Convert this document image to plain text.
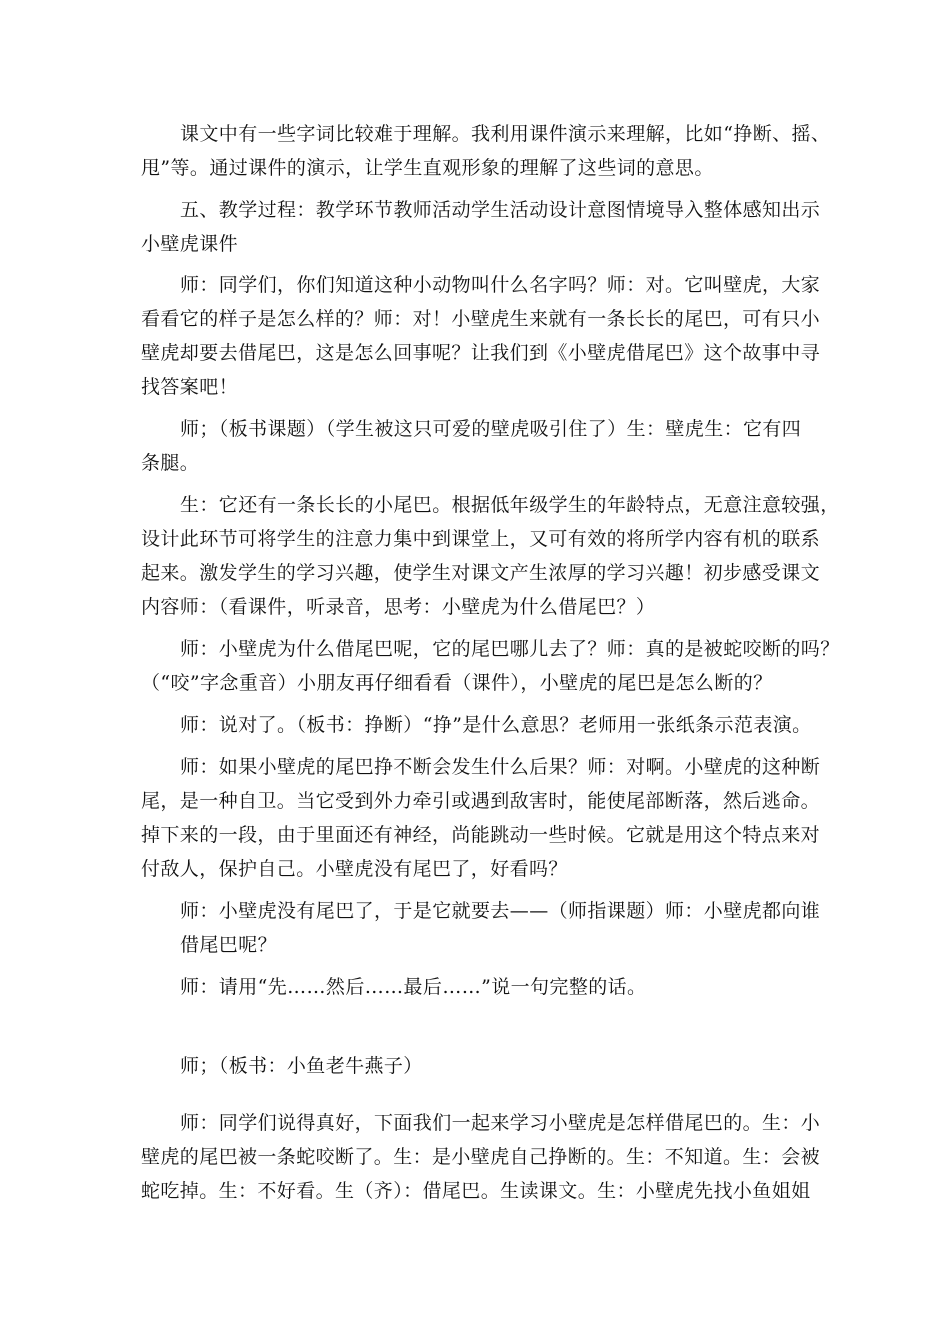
课文中有一些字词比较难于理解。我利用课件演示来理解，比如“挣断、摇、
甩”等。通过课件的演示，让学生直观形象的理解了这些词的意思。
五、教学过程：教学环节教师活动学生活动设计意图情境导入整体感知出示
小壁虎课件
师：同学们，你们知道这种小动物叫什么名字吗？师：对。它叫壁虎，大家
看看它的样子是怎么样的？师：对！小壁虎生来就有一条长长的尾巴，可有只小
壁虎却要去借尾巴，这是怎么回事呢？让我们到《小壁虎借尾巴》这个故事中寻
找答案吧！
师；（板书课题）（学生被这只可爱的壁虎吸引住了）生：壁虎生：它有四
条腿。
生：它还有一条长长的小尾巴。根据低年级学生的年龄特点，无意注意较强，
设计此环节可将学生的注意力集中到课堂上，又可有效的将所学内容有机的联系
起来。激发学生的学习兴趣，使学生对课文产生浓厚的学习兴趣！初步感受课文
内容师：（看课件，听录音，思考：小壁虎为什么借尾巴？）
师：小壁虎为什么借尾巴呢，它的尾巴哪儿去了？师：真的是被蛇咬断的吗？
（“咬”字念重音）小朋友再仔细看看（课件），小壁虎的尾巴是怎么断的？
师：说对了。（板书：挣断）“挣”是什么意思？老师用一张纸条示范表演。
师：如果小壁虎的尾巴挣不断会发生什么后果？师：对啊。小壁虎的这种断
尾，是一种自卫。当它受到外力牵引或遇到敌害时，能使尾部断落，然后逃命。
掉下来的一段，由于里面还有神经，尚能跳动一些时候。它就是用这个特点来对
付敌人，保护自己。小壁虎没有尾巴了，好看吗？
师：小壁虎没有尾巴了，于是它就要去——（师指课题）师：小壁虎都向谁
借尾巴呢？
师：请用“先……然后……最后……”说一句完整的话。
师；（板书：小鱼老牛燕子）
师：同学们说得真好，下面我们一起来学习小壁虎是怎样借尾巴的。生：小
壁虎的尾巴被一条蛇咬断了。生：是小壁虎自己挣断的。生：不知道。生：会被
蛇吃掉。生：不好看。生（齐）：借尾巴。生读课文。生：小壁虎先找小鱼姐姐
